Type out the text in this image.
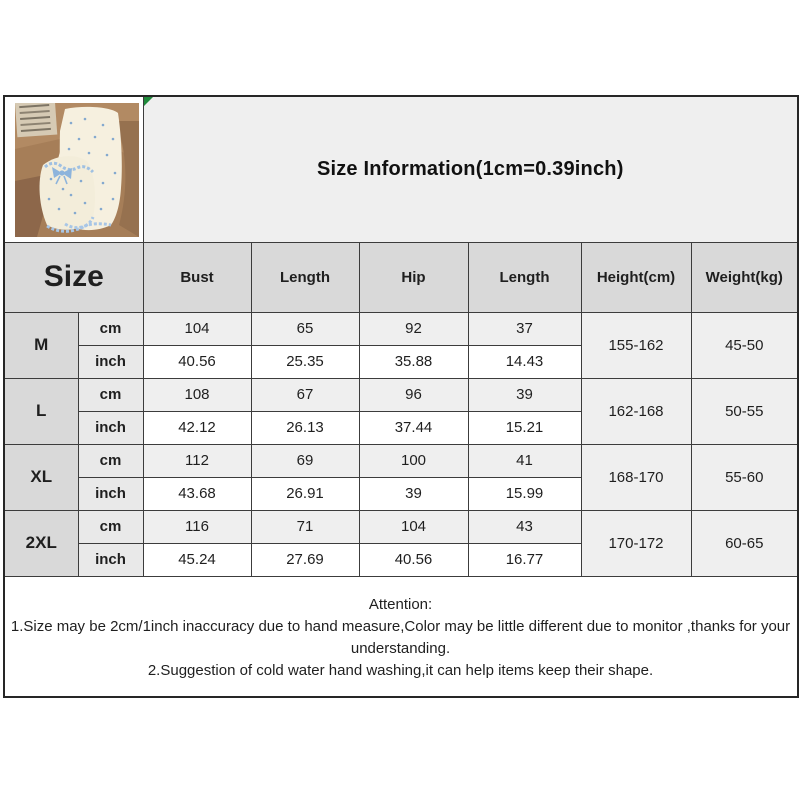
Size Information(1cm=0.39inch)					
Size		Bust	Length	Hip	Length	Height(cm)	Weight(kg)
M	cm	104	65	92	37	155-162	45-50
	inch	40.56	25.35	35.88	14.43		
L	cm	108	67	96	39	162-168	50-55
	inch	42.12	26.13	37.44	15.21		
XL	cm	112	69	100	41	168-170	55-60
	inch	43.68	26.91	39	15.99		
2XL	cm	116	71	104	43	170-172	60-65
	inch	45.24	27.69	40.56	16.77		

Attention:
1.Size may be 2cm/1inch inaccuracy due to hand measure,Color may be little different due to monitor ,thanks for your understanding.
2.Suggestion of cold water hand washing,it can help items keep their shape.							
